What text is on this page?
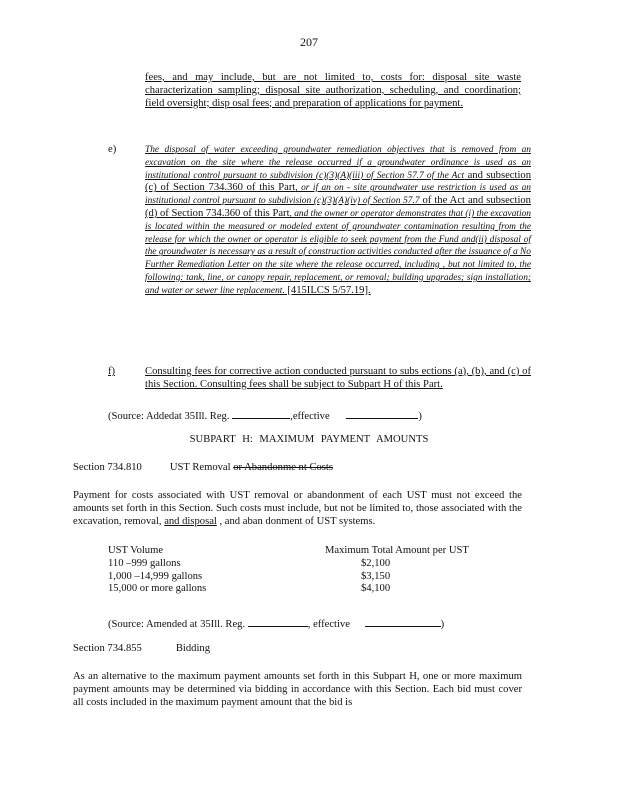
207
fees, and may include, but are not limited to, costs for: disposal site waste characterization sampling; disposal site authorization, scheduling, and coordination; field oversight; disp osal fees; and preparation of applications for payment.
e)	The disposal of water exceeding groundwater remediation objectives that is removed from an excavation on the site where the release occurred if a groundwater ordinance is used as an institutional control pursuant to subdivision (c)(3)(A)(iii) of Section 57.7 of the Act and subsection (c) of Section 734.360 of this Part, or if an on - site groundwater use restriction is used as an institutional control pursuant to subdivision (c)(3)(A)(iv) of Section 57.7 of the Act and subsection (d) of Section 734.360 of this Part, and the owner or operator demonstrates that (i) the excavation is located within the measured or modeled extent of groundwater contamination resulting from the release for which the owner or operator is eligible to seek payment from the Fund and(ii) disposal of the groundwater is necessary as a result of construction activities conducted after the issuance of a No Further Remediation Letter on the site where the release occurred, including , but not limited to, the following: tank, line, or canopy repair, replacement, or removal; building upgrades; sign installation; and water or sewer line replacement. [415ILCS 5/57.19].
f)	Consulting fees for corrective action conducted pursuant to subs ections (a), (b), and (c) of this Section. Consulting fees shall be subject to Subpart H of this Part.
(Source: Addedat 35Ill. Reg.	,effective	)
SUBPART H: MAXIMUM PAYMENT AMOUNTS
Section 734.810	UST Removal or Abandonme nt Costs
Payment for costs associated with UST removal or abandonment of each UST must not exceed the amounts set forth in this Section. Such costs must include, but not be limited to, those associated with the excavation, removal, and disposal , and aban donment of UST systems.
UST Volume	Maximum Total Amount per UST
110 –999 gallons	$2,100
1,000 –14,999 gallons	$3,150
15,000 or more gallons	$4,100
(Source: Amended at 35Ill. Reg.	, effective	)
Section 734.855	Bidding
As an alternative to the maximum payment amounts set forth in this Subpart H, one or more maximum payment amounts may be determined via bidding in accordance with this Section. Each bid must cover all costs included in the maximum payment amount that the bid is
